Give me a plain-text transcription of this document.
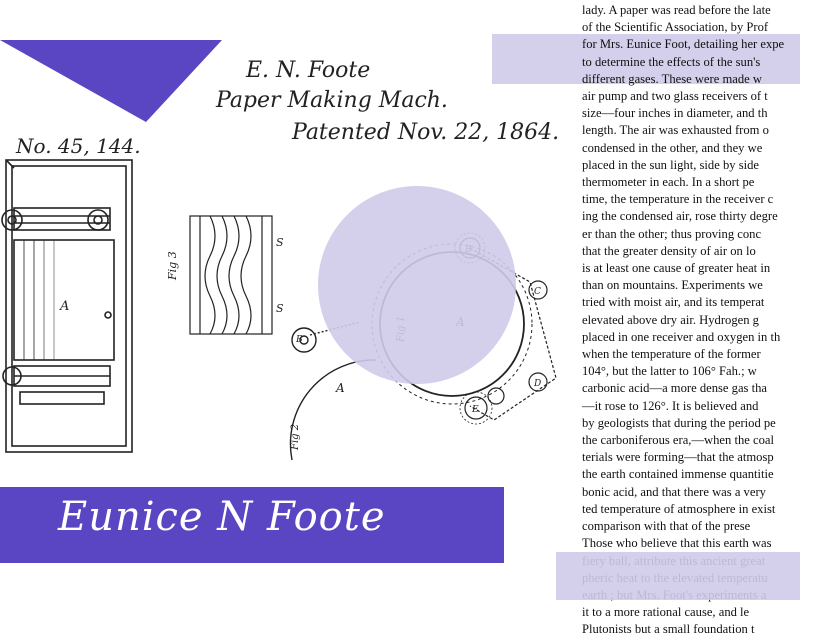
A
Fig 3
S
S
B
A
Fig 2
C
D
E
E. N. Foote
Paper Making Mach.
Patented Nov. 22, 1864.
No. 45, 144.
lady. A paper was read before the late
of the Scientific Association, by Prof
for Mrs. Eunice Foot, detailing her expe
to determine the effects of the sun's
different gases. These were made w
air pump and two glass receivers of t
size—four inches in diameter, and th
length. The air was exhausted from o
condensed in the other, and they we
placed in the sun light, side by side
thermometer in each. In a short pe
time, the temperature in the receiver c
ing the condensed air, rose thirty degre
er than the other; thus proving conc
that the greater density of air on lo
is at least one cause of greater heat in
than on mountains. Experiments we
tried with moist air, and its temperat
elevated above dry air. Hydrogen g
placed in one receiver and oxygen in th
when the temperature of the former
104°, but the latter to 106° Fah.; w
carbonic acid—a more dense gas tha
—it rose to 126°. It is believed and
by geologists that during the period pe
the carboniferous era,—when the coal
terials were forming—that the atmosp
the earth contained immense quantitie
bonic acid, and that there was a very
ted temperature of atmosphere in exist
comparison with that of the prese
Those who believe that this earth was
it to a more rational cause, and le
Plutonists but a small foundation t
Eunice N Foote
